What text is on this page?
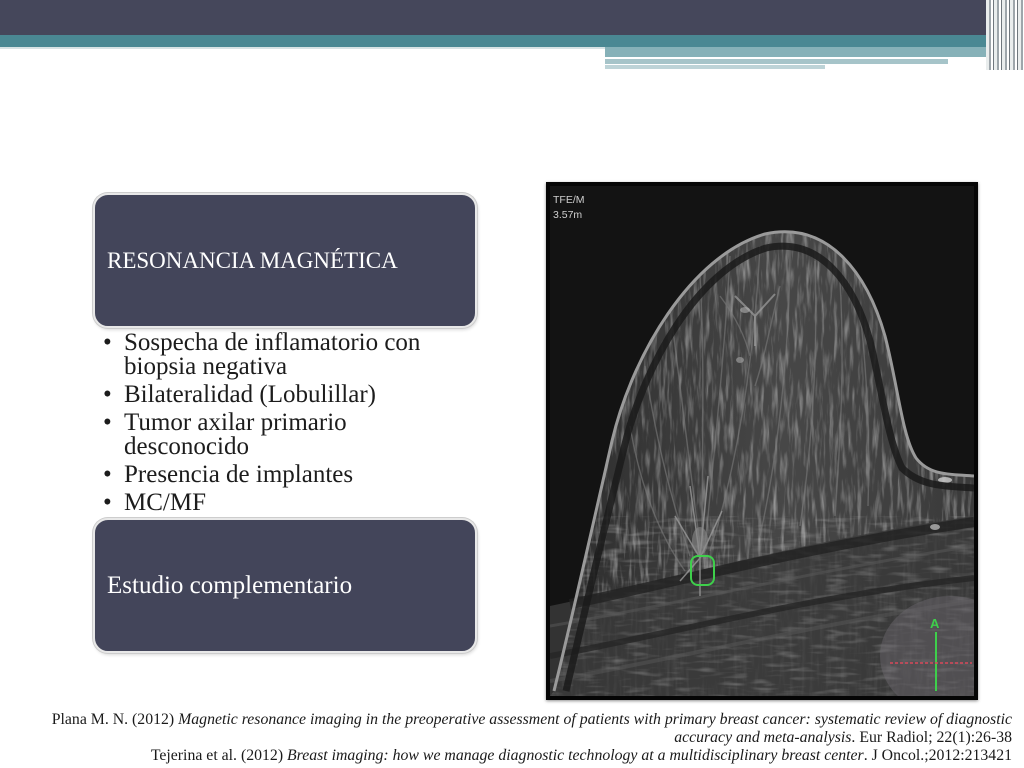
RESONANCIA MAGNÉTICA
• Sospecha de inflamatorio con biopsia negativa
• Bilateralidad (Lobulillar)
• Tumor axilar primario desconocido
• Presencia de implantes
• MC/MF
Estudio complementario
A
TFE/M
3.57m

Plana M. N. (2012) Magnetic resonance imaging in the preoperative assessment of patients with primary breast cancer: systematic review of diagnostic accuracy and meta-analysis. Eur Radiol; 22(1):26-38

Tejerina et al. (2012) Breast imaging: how we manage diagnostic technology at a multidisciplinary breast center. J Oncol.;2012:213421
